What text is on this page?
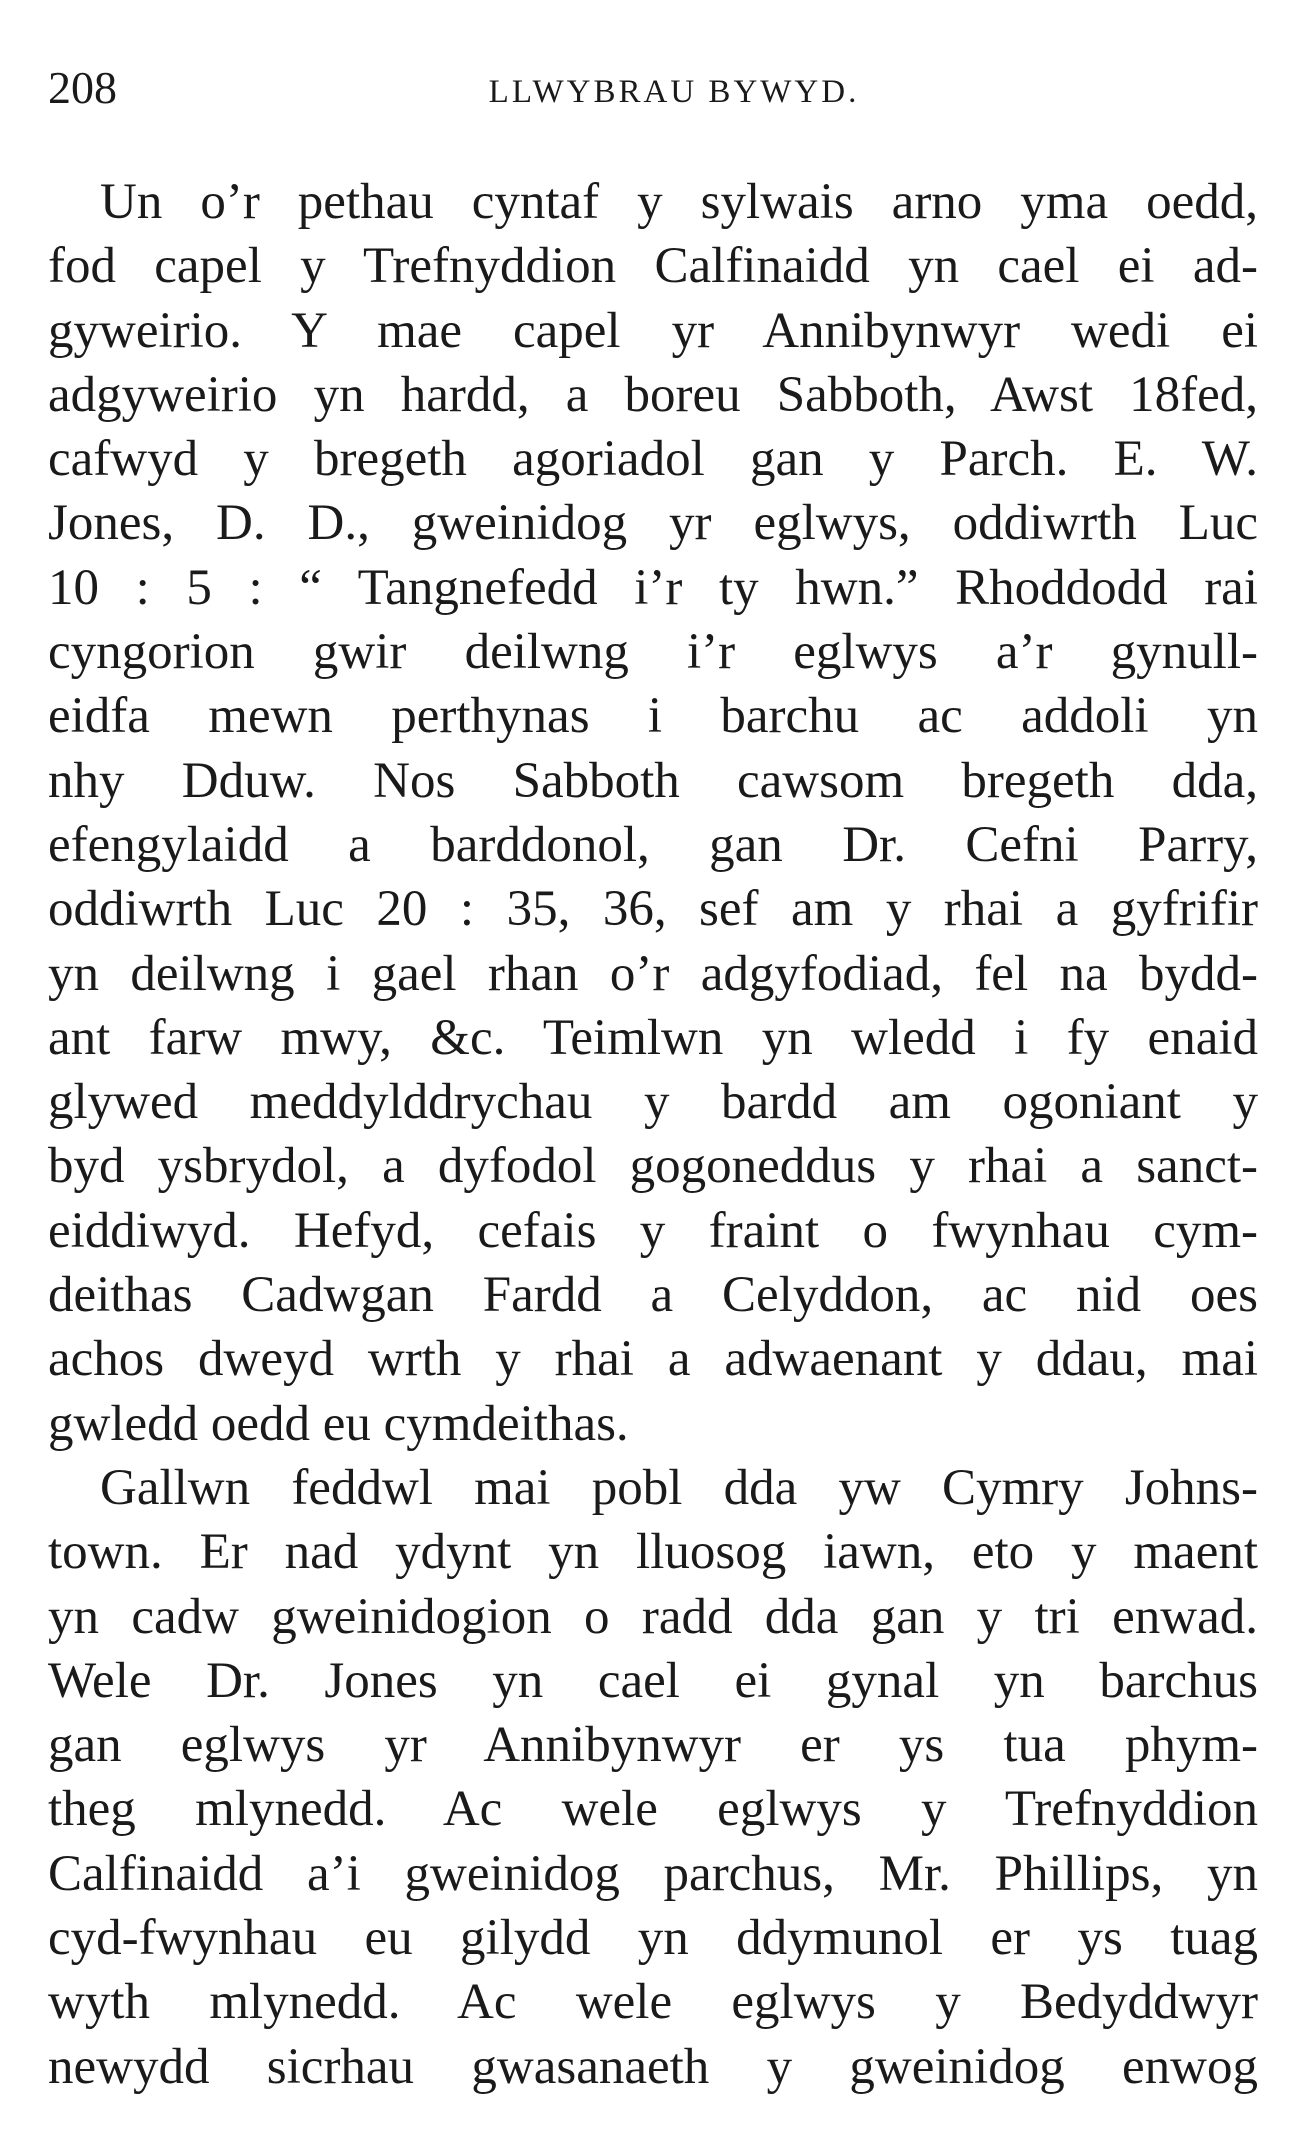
208	LLWYBRAU BYWYD.
Un o’r pethau cyntaf y sylwais arno yma oedd,
fod capel y Trefnyddion Calfinaidd yn cael ei ad-
gyweirio. Y mae capel yr Annibynwyr wedi ei
adgyweirio yn hardd, a boreu Sabboth, Awst 18fed,
cafwyd y bregeth agoriadol gan y Parch. E. W.
Jones, D. D., gweinidog yr eglwys, oddiwrth Luc
10 : 5 : “ Tangnefedd i’r ty hwn.” Rhoddodd rai
cyngorion gwir deilwng i’r eglwys a’r gynull-
eidfa mewn perthynas i barchu ac addoli yn
nhy Dduw. Nos Sabboth cawsom bregeth dda,
efengylaidd a barddonol, gan Dr. Cefni Parry,
oddiwrth Luc 20 : 35, 36, sef am y rhai a gyfrifir
yn deilwng i gael rhan o’r adgyfodiad, fel na bydd-
ant farw mwy, &c. Teimlwn yn wledd i fy enaid
glywed meddylddrychau y bardd am ogoniant y
byd ysbrydol, a dyfodol gogoneddus y rhai a sanct-
eiddiwyd. Hefyd, cefais y fraint o fwynhau cym-
deithas Cadwgan Fardd a Celyddon, ac nid oes
achos dweyd wrth y rhai a adwaenant y ddau, mai
gwledd oedd eu cymdeithas.
Gallwn feddwl mai pobl dda yw Cymry Johns-
town. Er nad ydynt yn lluosog iawn, eto y maent
yn cadw gweinidogion o radd dda gan y tri enwad.
Wele Dr. Jones yn cael ei gynal yn barchus
gan eglwys yr Annibynwyr er ys tua phym-
theg mlynedd. Ac wele eglwys y Trefnyddion
Calfinaidd a’i gweinidog parchus, Mr. Phillips, yn
cyd-fwynhau eu gilydd yn ddymunol er ys tuag
wyth mlynedd. Ac wele eglwys y Bedyddwyr
newydd sicrhau gwasanaeth y gweinidog enwog
